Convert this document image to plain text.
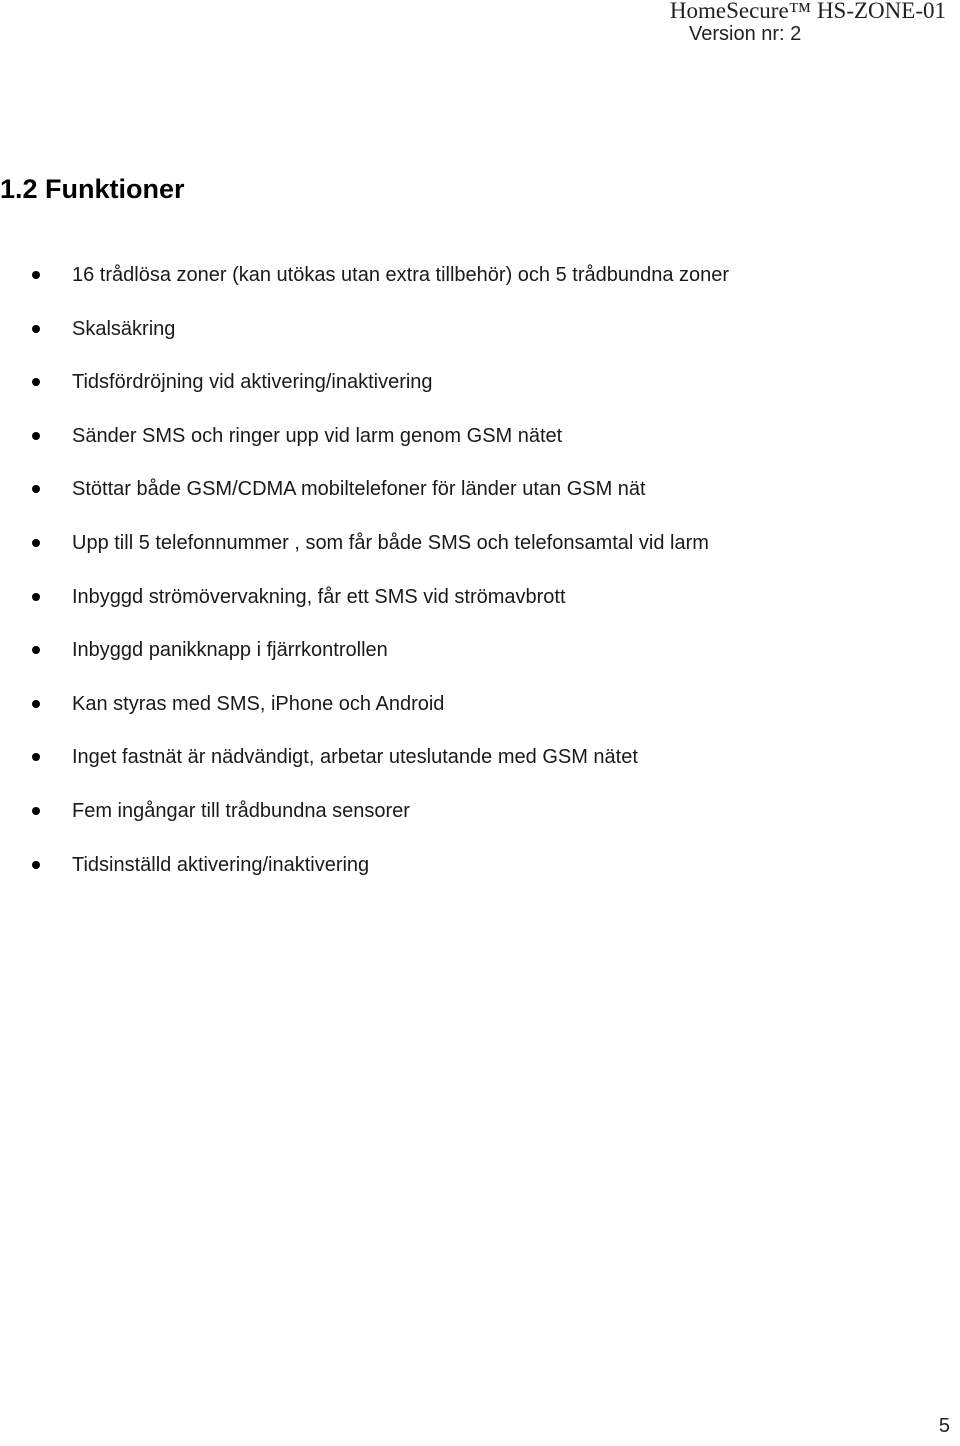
HomeSecure™ HS-ZONE-01
Version nr: 2
1.2 Funktioner
16 trådlösa zoner (kan utökas utan extra tillbehör) och 5 trådbundna zoner
Skalsäkring
Tidsfördröjning vid aktivering/inaktivering
Sänder SMS och ringer upp vid larm genom GSM nätet
Stöttar både GSM/CDMA mobiltelefoner för länder utan GSM nät
Upp till 5 telefonnummer , som får både SMS och telefonsamtal vid larm
Inbyggd strömövervakning, får ett SMS vid strömavbrott
Inbyggd panikknapp i fjärrkontrollen
Kan styras med SMS, iPhone och Android
Inget fastnät är nädvändigt, arbetar uteslutande med GSM nätet
Fem ingångar till trådbundna sensorer
Tidsinställd aktivering/inaktivering
5
